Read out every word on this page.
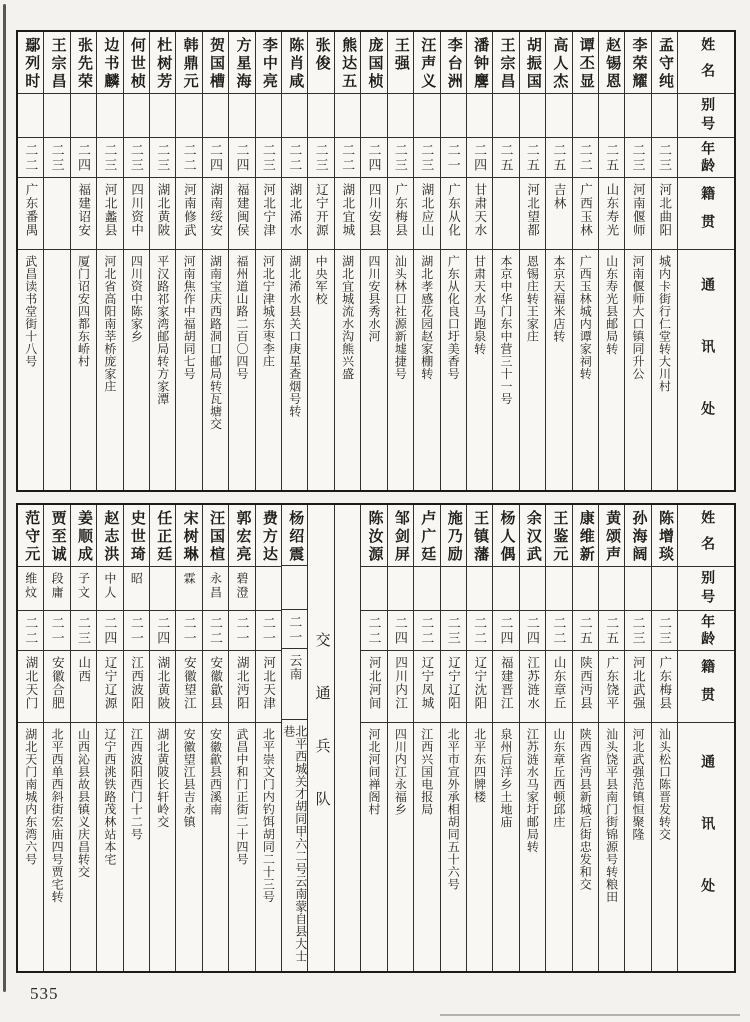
鄢列时
二二
广东番禺
武昌读书堂街十八号
王宗昌
二三
张先荣
二四
福建诏安
厦门诏安四都东峤村
边书麟
二三
河北蠡县
河北省高阳南莘桥庞家庄
何世桢
二三
四川资中
四川资中陈家乡
杜树芳
二三
湖北黄陂
平汉路祁家湾邮局转方家潭
韩鼎元
二二
河南修武
河南焦作中福胡同七号
贺国槽
二四
湖南绥安
湖南宝庆西路洞口邮局转瓦塘交
方星海
二四
福建闽侯
福州道山路二百〇四号
李中亮
二三
河北宁津
河北宁津城东枣李庄
陈肖咸
二二
湖北浠水
湖北浠水县关口庚星查烟号转
张俊
二三
辽宁开源
中央军校
熊达五
二二
湖北宜城
湖北宜城流水沟熊兴盛
庞国桢
二四
四川安县
四川安县秀水河
王强
二三
广东梅县
汕头林口社源新墟捷号
汪声义
二三
湖北应山
湖北孝感花园赵家棚转
李台洲
二一
广东从化
广东从化良口圩美香号
潘钟麐
二四
甘肃天水
甘肃天水马跑泉转
王宗昌
二五
本京中华门东中营三十一号
胡振国
二五
河北望都
恩锡庄转王家庄
高人杰
二五
吉林
本京天福米店转
谭丕显
二二
广西玉林
广西玉林城内谭家祠转
赵锡恩
二五
山东寿光
山东寿光县邮局转
李荣耀
二三
河南偃师
河南偃师大口镇同升公
孟守纯
二三
河北曲阳
城内卡街行仁堂转大川村
姓名
别号
年龄
籍贯
通讯处
范守元
维炆
二二
湖北天门
湖北天门南城内东湾六号
贾至诚
段庸
二一
安徽合肥
北平西单西斜街宏庙四号贾宅转
姜顺成
子文
二三
山西
山西沁县故县镇义庆昌转交
赵志洪
中人
二四
辽宁辽源
辽宁西洮铁路茂林站本宅
史世琦
昭
二一
江西波阳
江西波阳西门十二号
任正廷
二四
湖北黄陂
湖北黄陂长轩岭交
宋树琳
霖
二一
安徽望江
安徽望江县吉永镇
汪国楦
永昌
二二
安徽歙县
安徽歙县西溪南
郭宏亮
碧澄
二一
湖北沔阳
武昌中和门正街二十四号
费方达
二一
河北天津
北平崇文门内钓饵胡同二十三号
杨绍震
二一
云南
北平西城关才胡同甲六二号云南蒙自县大士巷	交通兵队
陈汝源
二二
河北河间
河北河间禅阁村
邹剑屏
二四
四川内江
四川内江永福乡
卢广廷
二二
辽宁凤城
江西兴国电报局
施乃励
二三
辽宁辽阳
北平市宣外承相胡同五十六号
王镇藩
二二
辽宁沈阳
北平东四牌楼
杨人偶
二四
福建晋江
泉州后洋乡土地庙
余汉武
二四
江苏涟水
江苏涟水马家圩邮局转
王鉴元
二二
山东章丘
山东章丘西顿邱庄
康维新
二五
陕西沔县
陕西省沔县新城后街忠发和交
黄颂声
二五
广东饶平
汕头饶平县南门街锦源号转粮田
孙海阔
二三
河北武强
河北武强范镇恒聚隆
陈增琰
二三
广东梅县
汕头松口陈晋发转交
姓名
别号
年龄
籍贯
通讯处
535
